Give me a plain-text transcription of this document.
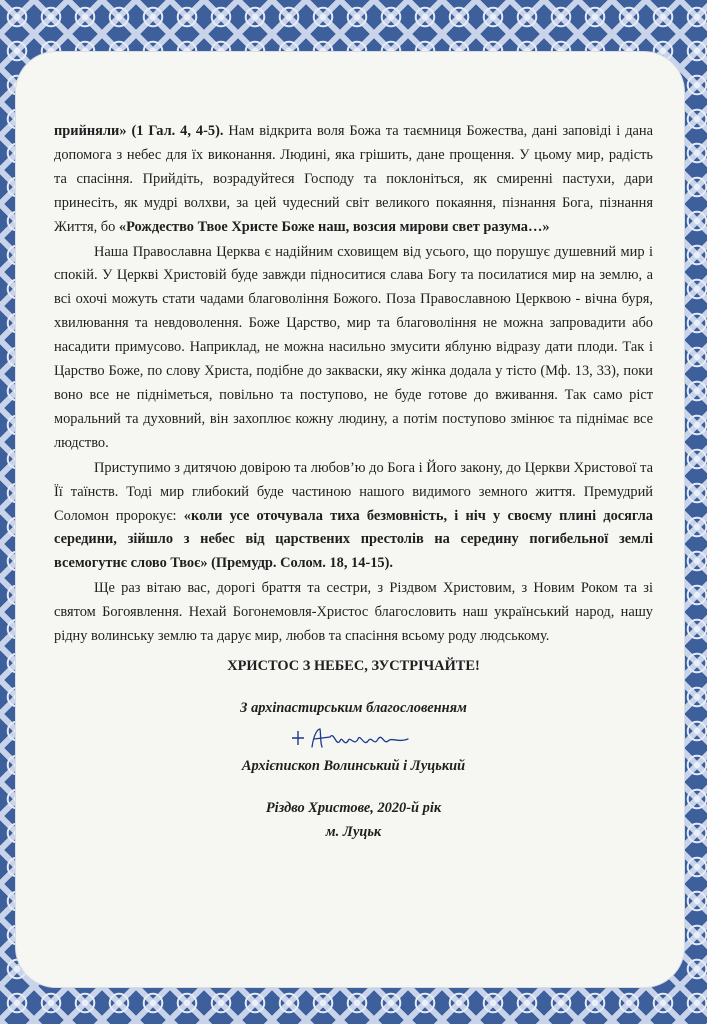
прийняли» (1 Гал. 4, 4-5). Нам відкрита воля Божа та таємниця Божества, дані заповіді і дана допомога з небес для їх виконання. Людині, яка грішить, дане прощення. У цьому мир, радість та спасіння. Прийдіть, возрадуйтеся Господу та поклоніться, як смиренні пастухи, дари принесіть, як мудрі волхви, за цей чудесний світ великого покаяння, пізнання Бога, пізнання Життя, бо «Рождество Твое Христе Боже наш, возсия мирови свет разума…»

Наша Православна Церква є надійним сховищем від усього, що порушує душевний мир і спокій. У Церкві Христовій буде завжди підноситися слава Богу та посилатися мир на землю, а всі охочі можуть стати чадами благовоління Божого. Поза Православною Церквою - вічна буря, хвилювання та невдоволення. Боже Царство, мир та благовоління не можна запровадити або насадити примусово. Наприклад, не можна насильно змусити яблуню відразу дати плоди. Так і Царство Боже, по слову Христа, подібне до закваски, яку жінка додала у тісто (Мф. 13, 33), поки воно все не підніметься, повільно та поступово, не буде готове до вживання. Так само ріст моральний та духовний, він захоплює кожну людину, а потім поступово змінює та піднімає все людство.

Приступимо з дитячою довірою та любов’ю до Бога і Його закону, до Церкви Христової та Її таїнств. Тоді мир глибокий буде частиною нашого видимого земного життя. Премудрий Соломон пророкує: «коли усе оточувала тиха безмовність, і ніч у своєму плині досягла середини, зійшло з небес від царствених престолів на середину погибельної землі всемогутнє слово Твоє» (Премудр. Солом. 18, 14-15).

Ще раз вітаю вас, дорогі браття та сестри, з Різдвом Христовим, з Новим Роком та зі святом Богоявлення. Нехай Богонемовля-Христос благословить наш український народ, нашу рідну волинську землю та дарує мир, любов та спасіння всьому роду людському.

ХРИСТОС З НЕБЕС, ЗУСТРІЧАЙТЕ!
З архіпастирським благословенням
Архієпископ Волинський і Луцький
Різдво Христове, 2020-й рік
м. Луцьк
